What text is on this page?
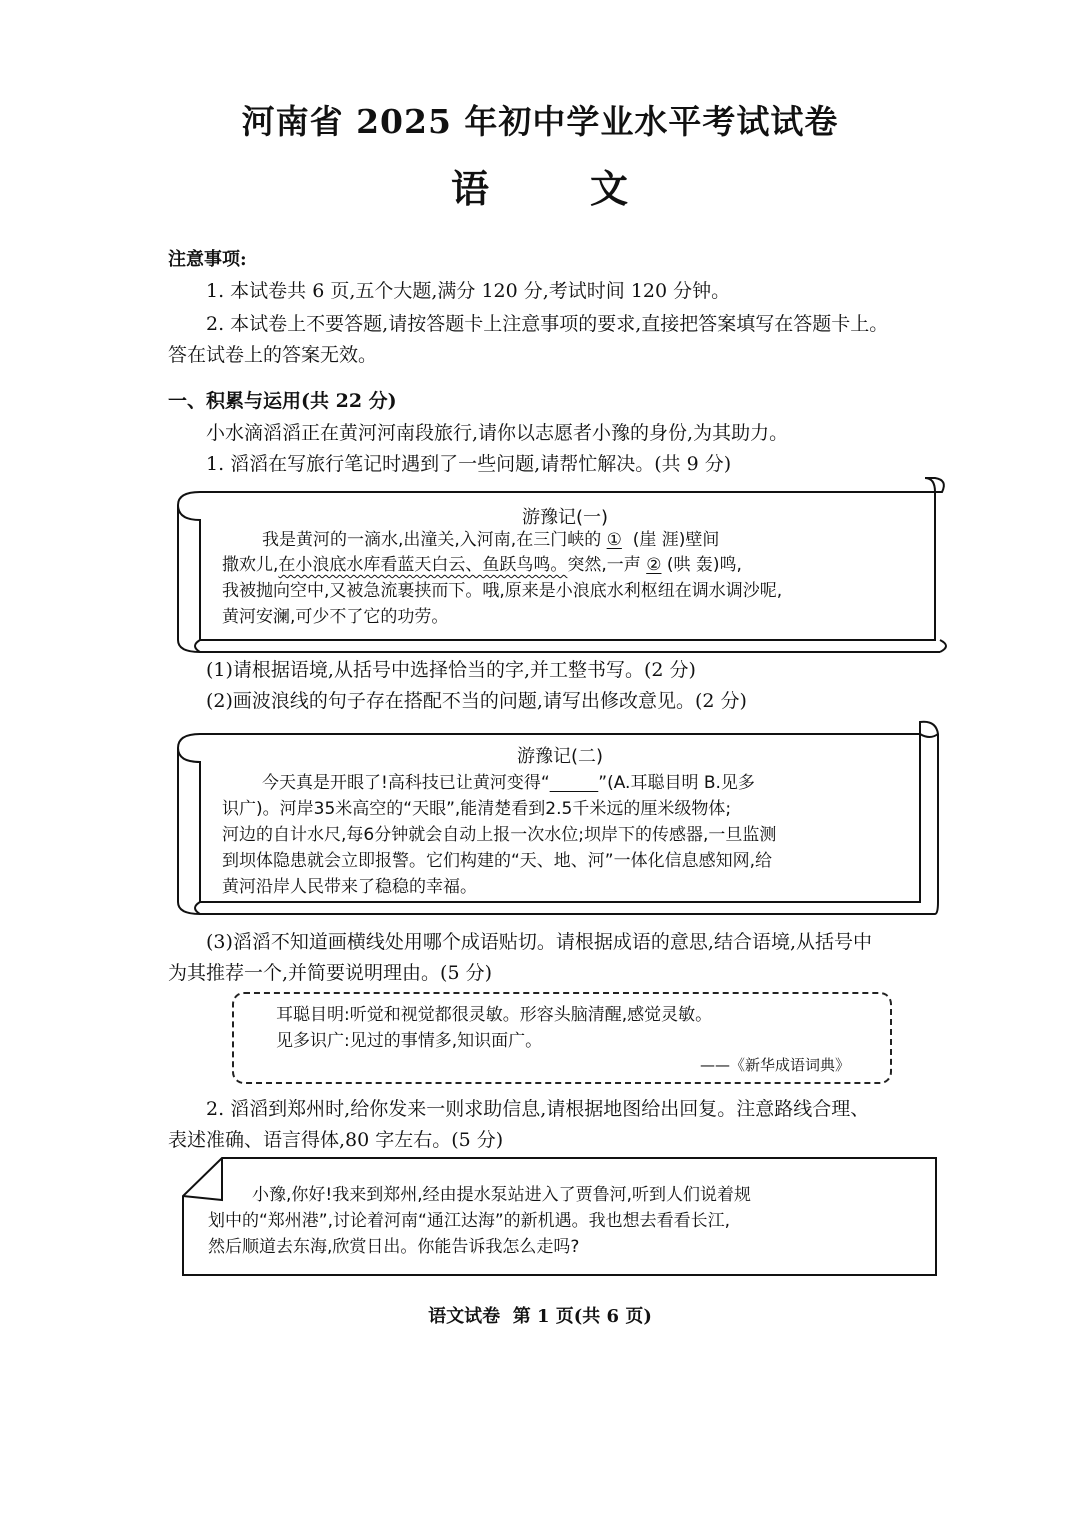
河南省 2025 年初中学业水平考试试卷
语	文
注意事项:
1. 本试卷共 6 页,五个大题,满分 120 分,考试时间 120 分钟。
2. 本试卷上不要答题,请按答题卡上注意事项的要求,直接把答案填写在答题卡上。
答在试卷上的答案无效。
一、积累与运用(共 22 分)
小水滴滔滔正在黄河河南段旅行,请你以志愿者小豫的身份,为其助力。
1. 滔滔在写旅行笔记时遇到了一些问题,请帮忙解决。(共 9 分)
游豫记(一)
我是黄河的一滴水,出潼关,入河南,在三门峡的 ① (崖 涯)壁间
撒欢儿,在小浪底水库看蓝天白云、鱼跃鸟鸣。突然,一声 ② (哄 轰)鸣,
我被抛向空中,又被急流裹挟而下。哦,原来是小浪底水利枢纽在调水调沙呢,
黄河安澜,可少不了它的功劳。
(1)请根据语境,从括号中选择恰当的字,并工整书写。(2 分)
(2)画波浪线的句子存在搭配不当的问题,请写出修改意见。(2 分)
游豫记(二)
今天真是开眼了!高科技已让黄河变得“	”(A.耳聪目明 B.见多
识广)。河岸35米高空的“天眼”,能清楚看到2.5千米远的厘米级物体;
河边的自计水尺,每6分钟就会自动上报一次水位;坝岸下的传感器,一旦监测
到坝体隐患就会立即报警。它们构建的“天、地、河”一体化信息感知网,给
黄河沿岸人民带来了稳稳的幸福。
(3)滔滔不知道画横线处用哪个成语贴切。请根据成语的意思,结合语境,从括号中
为其推荐一个,并简要说明理由。(5 分)
耳聪目明:听觉和视觉都很灵敏。形容头脑清醒,感觉灵敏。
见多识广:见过的事情多,知识面广。
——《新华成语词典》
2. 滔滔到郑州时,给你发来一则求助信息,请根据地图给出回复。注意路线合理、
表述准确、语言得体,80 字左右。(5 分)
小豫,你好!我来到郑州,经由提水泵站进入了贾鲁河,听到人们说着规
划中的“郑州港”,讨论着河南“通江达海”的新机遇。我也想去看看长江,
然后顺道去东海,欣赏日出。你能告诉我怎么走吗?
语文试卷  第 1 页(共 6 页)
